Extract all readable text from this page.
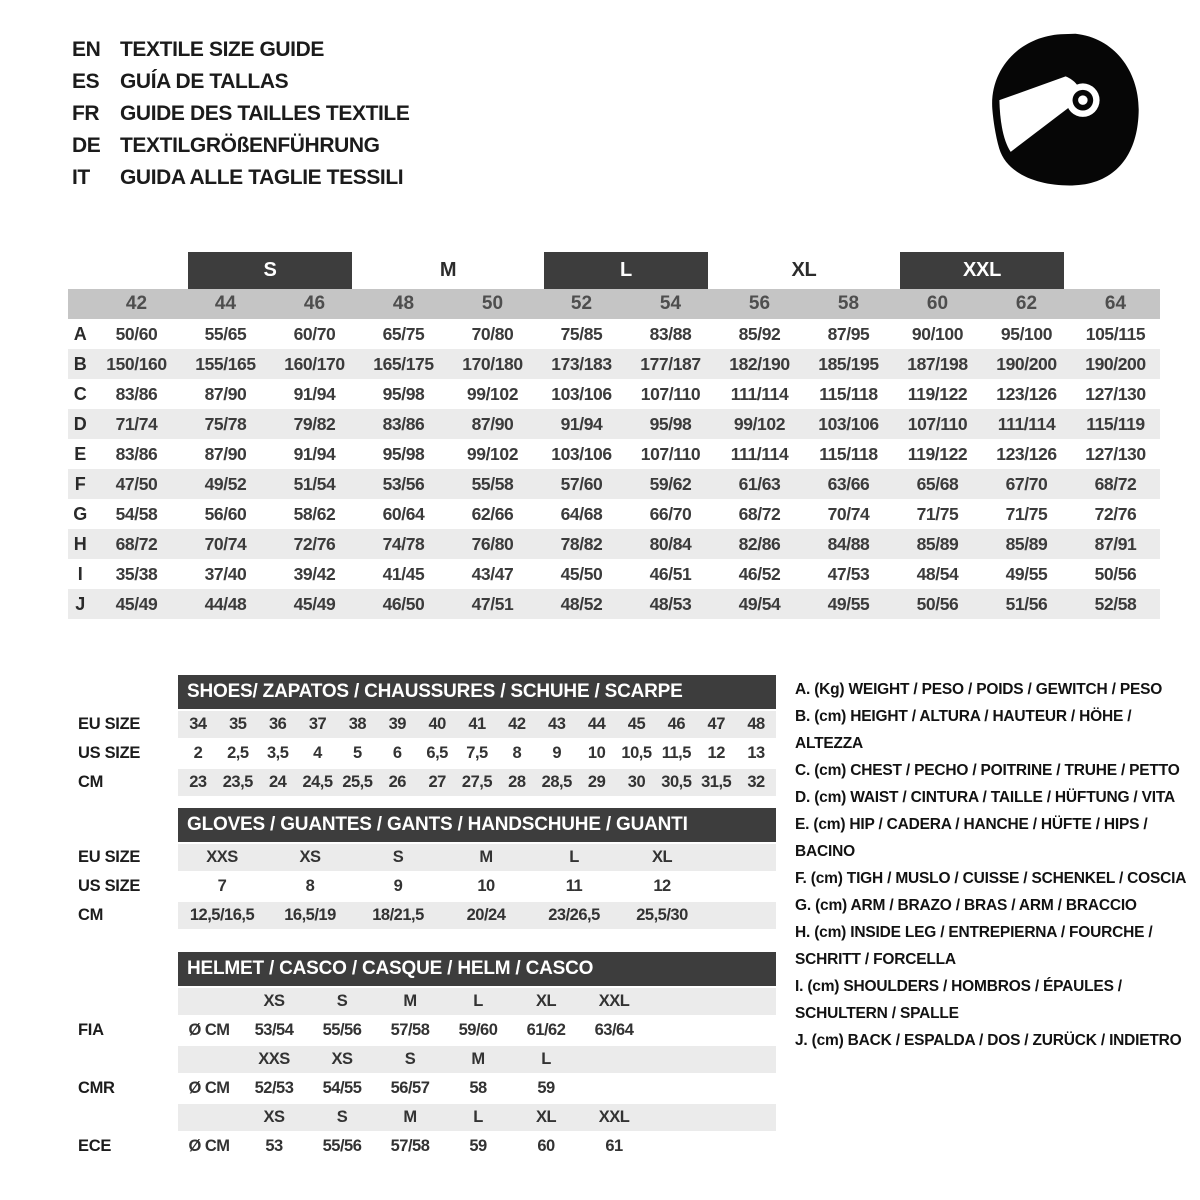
EN TEXTILE SIZE GUIDE
ES GUÍA DE TALLAS
FR GUIDE DES TAILLES TEXTILE
DE TEXTILGRÖßENFÜHRUNG
IT	GUIDA ALLE TAGLIE TESSILI
S	M	L	XL	XXL
42	44	46	48	50	52	54	56	58	60	62	64
A	50/60	55/65	60/70	65/75	70/80	75/85	83/88	85/92	87/95	90/100	95/100	105/115
B	150/160	155/165	160/170	165/175	170/180	173/183	177/187	182/190	185/195	187/198	190/200	190/200
C	83/86	87/90	91/94	95/98	99/102	103/106	107/110	111/114	115/118	119/122	123/126	127/130
D	71/74	75/78	79/82	83/86	87/90	91/94	95/98	99/102	103/106	107/110	111/114	115/119
E	83/86	87/90	91/94	95/98	99/102	103/106	107/110	111/114	115/118	119/122	123/126	127/130
F	47/50	49/52	51/54	53/56	55/58	57/60	59/62	61/63	63/66	65/68	67/70	68/72
G	54/58	56/60	58/62	60/64	62/66	64/68	66/70	68/72	70/74	71/75	71/75	72/76
H	68/72	70/74	72/76	74/78	76/80	78/82	80/84	82/86	84/88	85/89	85/89	87/91
I	35/38	37/40	39/42	41/45	43/47	45/50	46/51	46/52	47/53	48/54	49/55	50/56
J	45/49	44/48	45/49	46/50	47/51	48/52	48/53	49/54	49/55	50/56	51/56	52/58
SHOES/ ZAPATOS / CHAUSSURES / SCHUHE / SCARPE
EU SIZE	34	35	36	37	38	39	40	41	42	43	44	45	46	47	48
US SIZE	2	2,5	3,5	4	5	6	6,5	7,5	8	9	10 10,5 11,5	12	13
CM	23 23,5 24 24,5 25,5 26	27 27,5 28 28,5 29	30 30,5 31,5 32
GLOVES / GUANTES / GANTS / HANDSCHUHE / GUANTI
EU SIZE	XXS	XS	S	M	L	XL
US SIZE	7	8	9	10	11	12
CM	12,5/16,5	16,5/19	18/21,5	20/24	23/26,5	25,5/30
HELMET / CASCO / CASQUE / HELM / CASCO
XS	S	M	L	XL	XXL
FIA	Ø CM	53/54	55/56	57/58	59/60	61/62	63/64
XXS	XS	S	M	L
CMR	Ø CM	52/53	54/55	56/57	58	59
XS	S	M	L	XL	XXL
ECE	Ø CM	53	55/56	57/58	59	60	61
A. (Kg) WEIGHT / PESO / POIDS / GEWITCH / PESO
B. (cm) HEIGHT / ALTURA / HAUTEUR / HÖHE / ALTEZZA
C. (cm) CHEST / PECHO / POITRINE / TRUHE / PETTO
D. (cm) WAIST / CINTURA / TAILLE / HÜFTUNG / VITA
E. (cm) HIP / CADERA / HANCHE / HÜFTE / HIPS / BACINO
F. (cm) TIGH / MUSLO / CUISSE / SCHENKEL / COSCIA
G. (cm) ARM / BRAZO / BRAS / ARM / BRACCIO
H. (cm) INSIDE LEG / ENTREPIERNA / FOURCHE / SCHRITT / FORCELLA
I. (cm) SHOULDERS / HOMBROS / ÉPAULES / SCHULTERN / SPALLE
J. (cm) BACK / ESPALDA / DOS / ZURÜCK / INDIETRO
